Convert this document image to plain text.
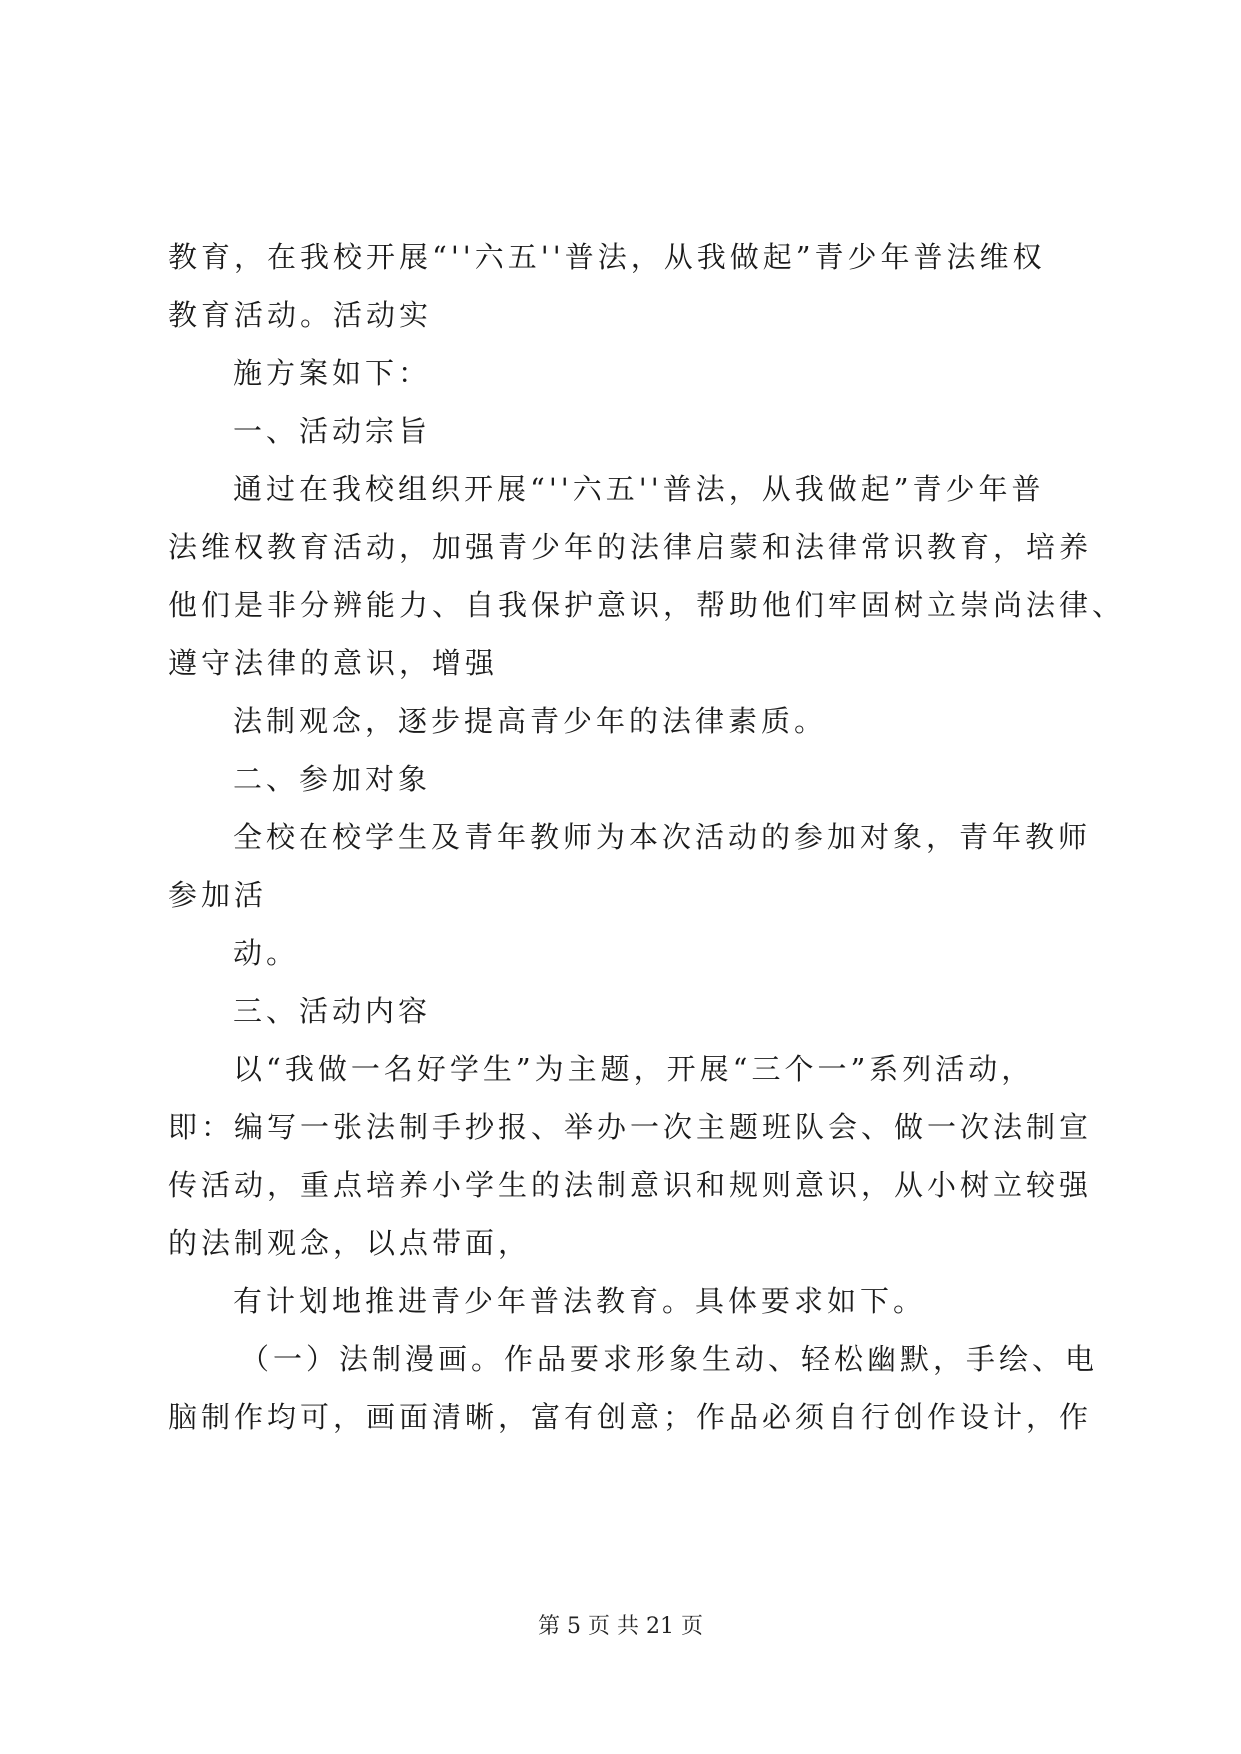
教育，在我校开展“''六五''普法，从我做起”青少年普法维权
教育活动。活动实
施方案如下：
一、活动宗旨
通过在我校组织开展“''六五''普法，从我做起”青少年普
法维权教育活动，加强青少年的法律启蒙和法律常识教育，培养
他们是非分辨能力、自我保护意识，帮助他们牢固树立崇尚法律、
遵守法律的意识，增强
法制观念，逐步提高青少年的法律素质。
二、参加对象
全校在校学生及青年教师为本次活动的参加对象，青年教师
参加活
动。
三、活动内容
以“我做一名好学生”为主题，开展“三个一”系列活动，
即：编写一张法制手抄报、举办一次主题班队会、做一次法制宣
传活动，重点培养小学生的法制意识和规则意识，从小树立较强
的法制观念，以点带面，
有计划地推进青少年普法教育。具体要求如下。
（一）法制漫画。作品要求形象生动、轻松幽默，手绘、电
脑制作均可，画面清晰，富有创意；作品必须自行创作设计，作
第 5 页 共 21 页
